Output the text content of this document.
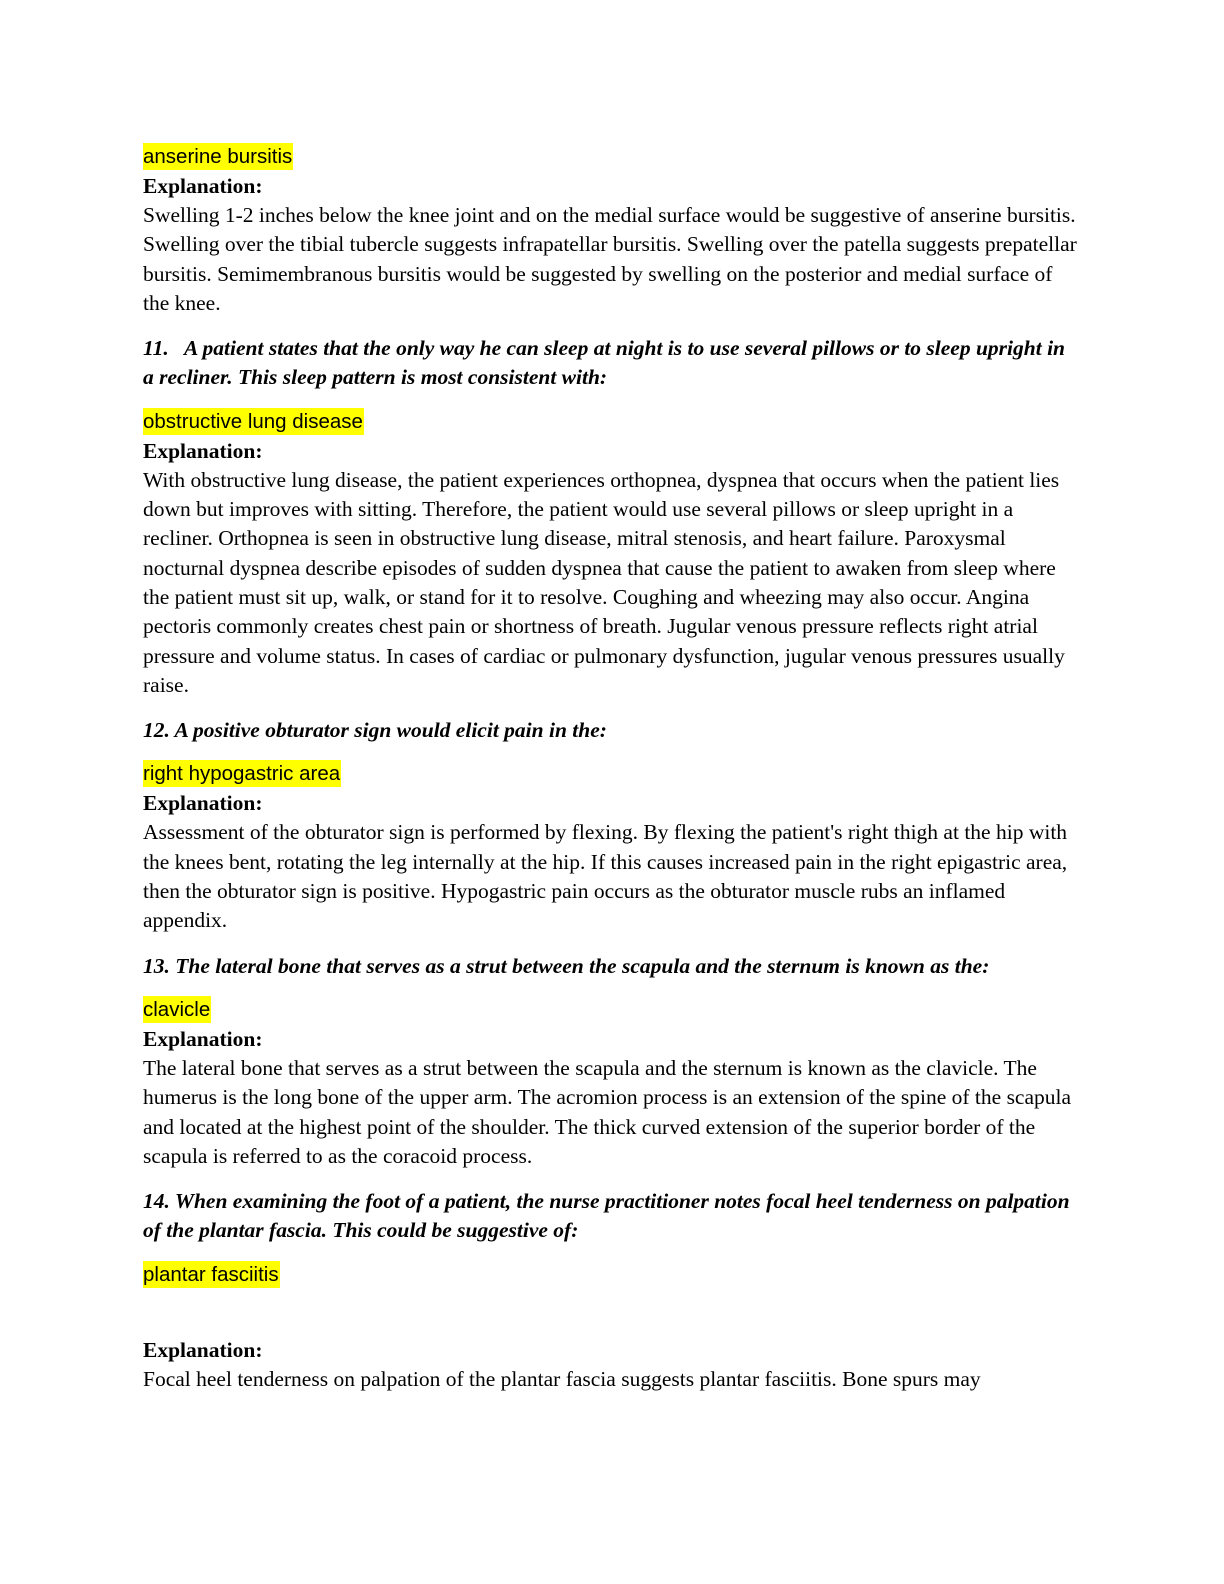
anserine bursitis
Explanation:

Swelling 1-2 inches below the knee joint and on the medial surface would be suggestive of anserine bursitis. Swelling over the tibial tubercle suggests infrapatellar bursitis. Swelling over the patella suggests prepatellar bursitis. Semimembranous bursitis would be suggested by swelling on the posterior and medial surface of the knee.

11.   A patient states that the only way he can sleep at night is to use several pillows or to sleep upright in a recliner. This sleep pattern is most consistent with:

obstructive lung disease
Explanation:

With obstructive lung disease, the patient experiences orthopnea, dyspnea that occurs when the patient lies down but improves with sitting. Therefore, the patient would use several pillows or sleep upright in a recliner. Orthopnea is seen in obstructive lung disease, mitral stenosis, and heart failure. Paroxysmal nocturnal dyspnea describe episodes of sudden dyspnea that cause the patient to awaken from sleep where the patient must sit up, walk, or stand for it to resolve. Coughing and wheezing may also occur. Angina pectoris commonly creates chest pain or shortness of breath. Jugular venous pressure reflects right atrial pressure and volume status. In cases of cardiac or pulmonary dysfunction, jugular venous pressures usually raise.

12. A positive obturator sign would elicit pain in the:

right hypogastric area
Explanation:

Assessment of the obturator sign is performed by flexing. By flexing the patient's right thigh at the hip with the knees bent, rotating the leg internally at the hip. If this causes increased pain in the right epigastric area, then the obturator sign is positive. Hypogastric pain occurs as the obturator muscle rubs an inflamed appendix.

13. The lateral bone that serves as a strut between the scapula and the sternum is known as the:

clavicle
Explanation:

The lateral bone that serves as a strut between the scapula and the sternum is known as the clavicle. The humerus is the long bone of the upper arm. The acromion process is an extension of the spine of the scapula and located at the highest point of the shoulder. The thick curved extension of the superior border of the scapula is referred to as the coracoid process.

14. When examining the foot of a patient, the nurse practitioner notes focal heel tenderness on palpation of the plantar fascia. This could be suggestive of:

plantar fasciitis
Explanation:

Focal heel tenderness on palpation of the plantar fascia suggests plantar fasciitis. Bone spurs may
